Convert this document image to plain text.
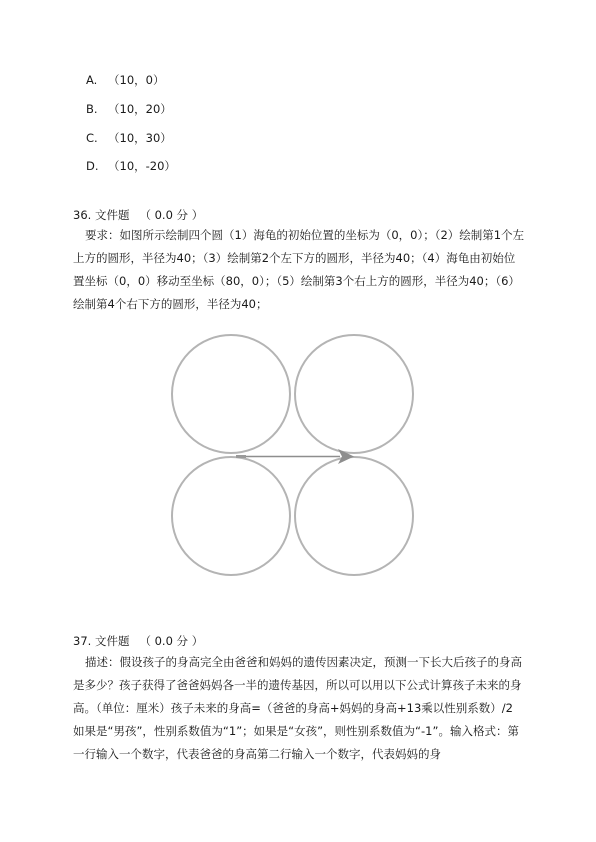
A. （10，0）
B. （10，20）
C. （10，30）
D. （10，-20）
36. 文件题 （ 0.0 分 ）
要求：如图所示绘制四个圆（1）海龟的初始位置的坐标为（0，0）；（2）绘制第1个左上方的圆形，半径为40；（3）绘制第2个左下方的圆形，半径为40；（4）海龟由初始位置坐标（0，0）移动至坐标（80，0）；（5）绘制第3个右上方的圆形，半径为40；（6）绘制第4个右下方的圆形，半径为40；
37. 文件题 （ 0.0 分 ）
描述：假设孩子的身高完全由爸爸和妈妈的遗传因素决定，预测一下长大后孩子的身高是多少？孩子获得了爸爸妈妈各一半的遗传基因，所以可以用以下公式计算孩子未来的身高。（单位：厘米）孩子未来的身高=（爸爸的身高+妈妈的身高+13乘以性别系数）/2 如果是“男孩”，性别系数值为“1”；如果是“女孩”，则性别系数值为“-1”。输入格式：第一行输入一个数字，代表爸爸的身高第二行输入一个数字，代表妈妈的身
